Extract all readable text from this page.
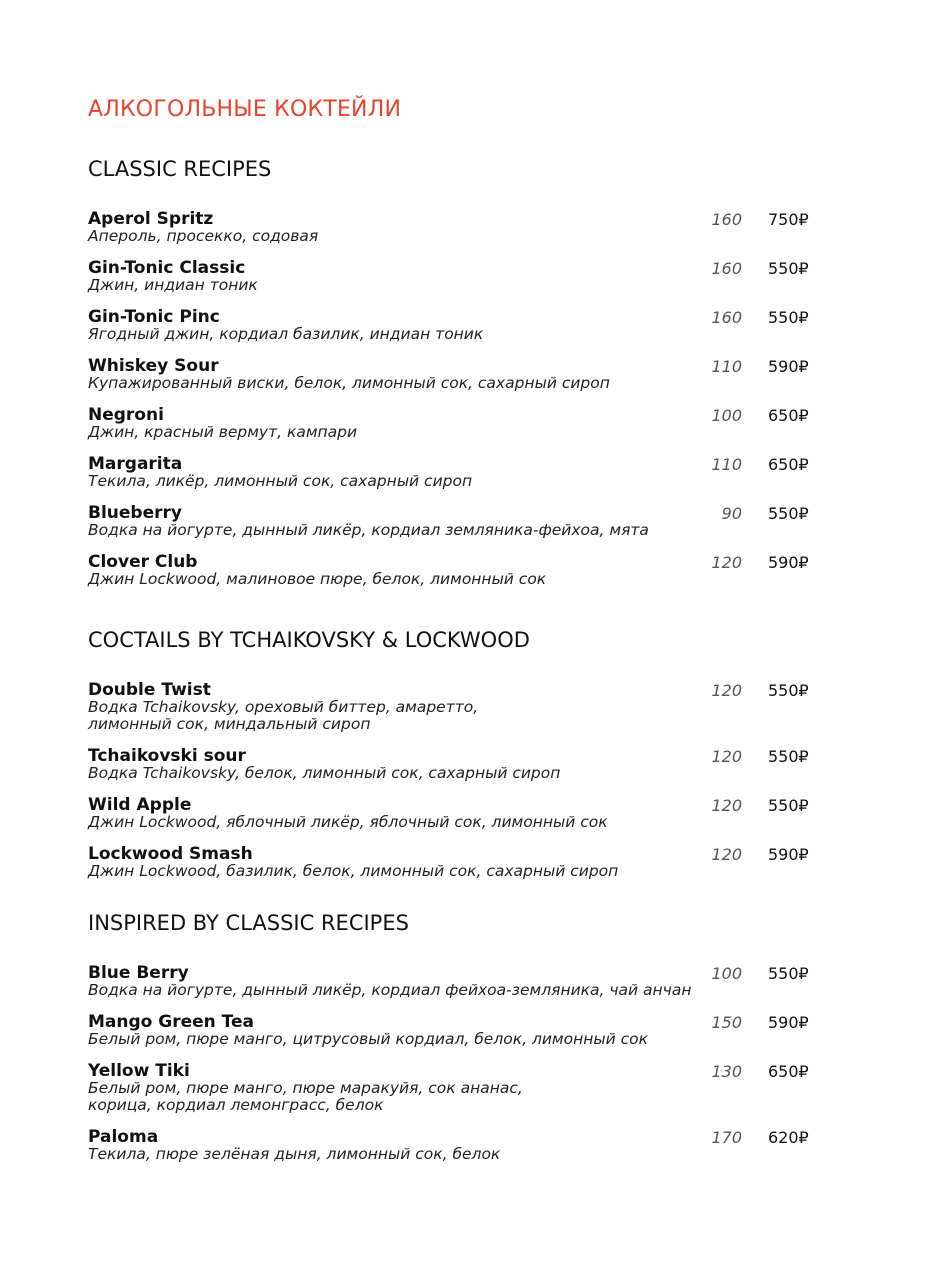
АЛКОГОЛЬНЫЕ КОКТЕЙЛИ
CLASSIC RECIPES
Aperol Spritz
Апероль, просекко, содовая
160 750₽
Gin-Tonic Classic
Джин, индиан тоник
160 550₽
Gin-Tonic Pinc
Ягодный джин, кордиал базилик, индиан тоник
160 550₽
Whiskey Sour
Купажированный виски, белок, лимонный сок, сахарный сироп
110 590₽
Negroni
Джин, красный вермут, кампари
100 650₽
Margarita
Текила, ликёр, лимонный сок, сахарный сироп
110 650₽
Blueberry
Водка на йогурте, дынный ликёр, кордиал земляника-фейхоа, мята
90 550₽
Clover Club
Джин Lockwood, малиновое пюре, белок, лимонный сок
120 590₽
COCTAILS BY TCHAIKOVSKY & LOCKWOOD
Double Twist
Водка Tchaikovsky, ореховый биттер, амаретто,
лимонный сок, миндальный сироп
120 550₽
Tchaikovski sour
Водка Tchaikovsky, белок, лимонный сок, сахарный сироп
120 550₽
Wild Apple
Джин Lockwood, яблочный ликёр, яблочный сок, лимонный сок
120 550₽
Lockwood Smash
Джин Lockwood, базилик, белок, лимонный сок, сахарный сироп
120 590₽
INSPIRED BY CLASSIC RECIPES
Blue Berry
Водка на йогурте, дынный ликёр, кордиал фейхоа-земляника, чай анчан
100 550₽
Mango Green Tea
Белый ром, пюре манго, цитрусовый кордиал, белок, лимонный сок
150 590₽
Yellow Tiki
Белый ром, пюре манго, пюре маракуйя, сок ананас,
корица, кордиал лемонграсс, белок
130 650₽
Paloma
Текила, пюре зелёная дыня, лимонный сок, белок
170 620₽
